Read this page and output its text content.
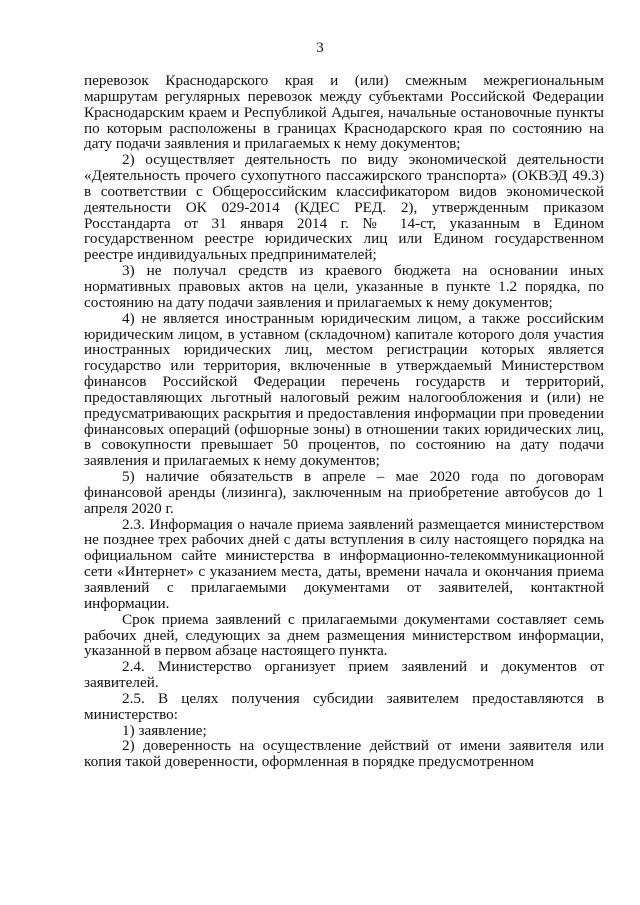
3

перевозок Краснодарского края и (или) смежным межрегиональным маршрутам регулярных перевозок между субъектами Российской Федерации Краснодарским краем и Республикой Адыгея, начальные остановочные пункты по которым расположены в границах Краснодарского края по состоянию на дату подачи заявления и прилагаемых к нему документов;

2) осуществляет деятельность по виду экономической деятельности «Деятельность прочего сухопутного пассажирского транспорта» (ОКВЭД 49.3) в соответствии с Общероссийским классификатором видов экономической деятельности ОК 029-2014 (КДЕС РЕД. 2), утвержденным приказом Росстандарта от 31 января 2014 г. № 14-ст, указанным в Едином государственном реестре юридических лиц или Едином государственном реестре индивидуальных предпринимателей;

3) не получал средств из краевого бюджета на основании иных нормативных правовых актов на цели, указанные в пункте 1.2 порядка, по состоянию на дату подачи заявления и прилагаемых к нему документов;

4) не является иностранным юридическим лицом, а также российским юридическим лицом, в уставном (складочном) капитале которого доля участия иностранных юридических лиц, местом регистрации которых является государство или территория, включенные в утверждаемый Министерством финансов Российской Федерации перечень государств и территорий, предоставляющих льготный налоговый режим налогообложения и (или) не предусматривающих раскрытия и предоставления информации при проведении финансовых операций (офшорные зоны) в отношении таких юридических лиц, в совокупности превышает 50 процентов, по состоянию на дату подачи заявления и прилагаемых к нему документов;

5) наличие обязательств в апреле – мае 2020 года по договорам финансовой аренды (лизинга), заключенным на приобретение автобусов до 1 апреля 2020 г.

2.3. Информация о начале приема заявлений размещается министерством не позднее трех рабочих дней с даты вступления в силу настоящего порядка на официальном сайте министерства в информационно-телекоммуникационной сети «Интернет» с указанием места, даты, времени начала и окончания приема заявлений с прилагаемыми документами от заявителей, контактной информации.

Срок приема заявлений с прилагаемыми документами составляет семь рабочих дней, следующих за днем размещения министерством информации, указанной в первом абзаце настоящего пункта.

2.4. Министерство организует прием заявлений и документов от заявителей.

2.5. В целях получения субсидии заявителем предоставляются в министерство:

1) заявление;

2) доверенность на осуществление действий от имени заявителя или копия такой доверенности, оформленная в порядке предусмотренном
